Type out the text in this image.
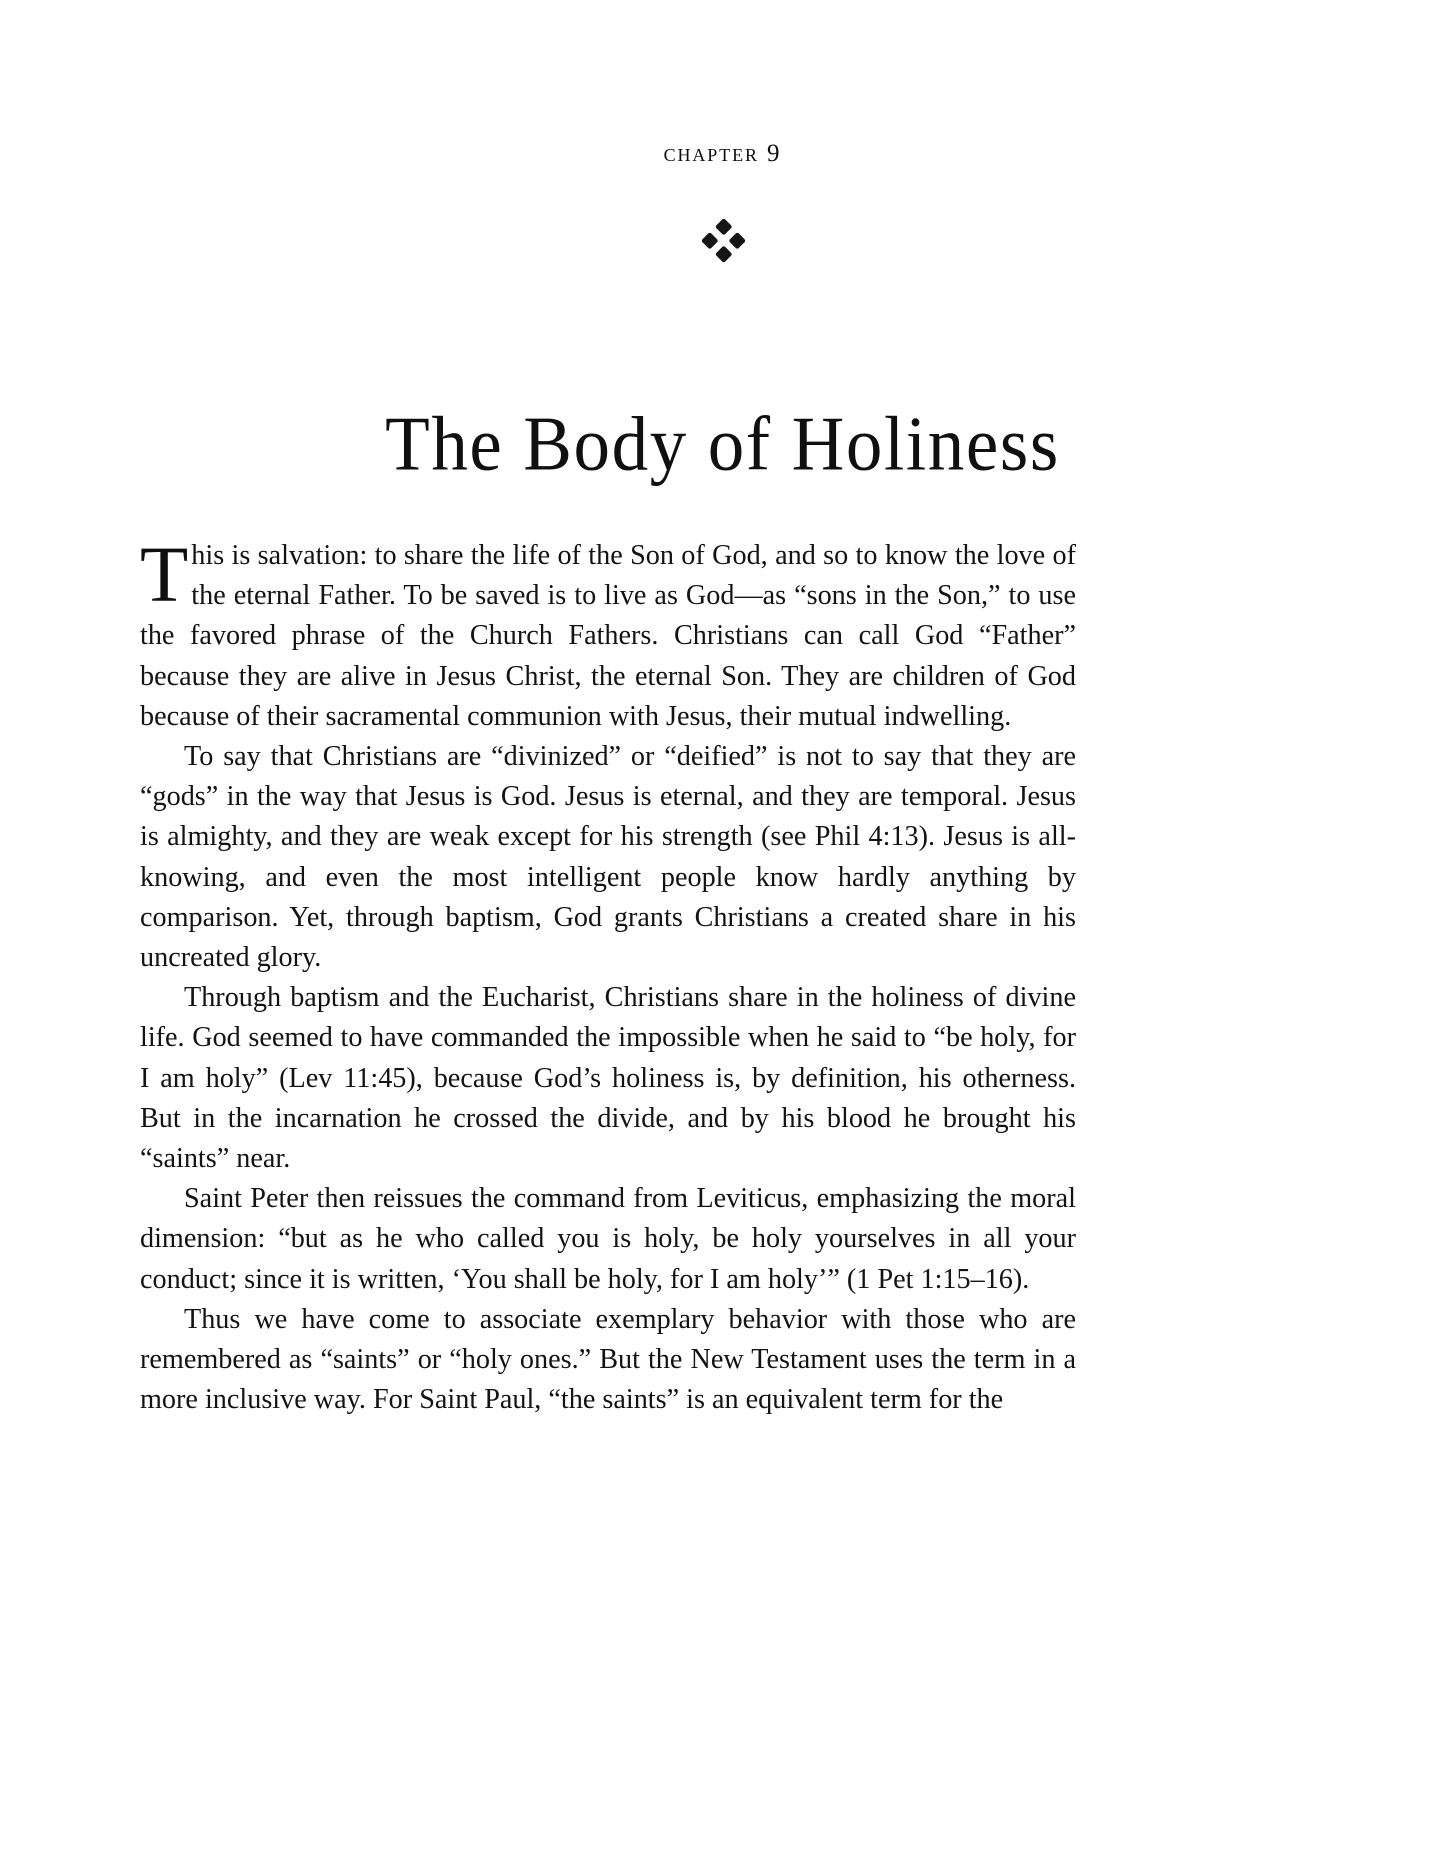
chapter 9
The Body of Holiness

This is salvation: to share the life of the Son of God, and so to know the love of the eternal Father. To be saved is to live as God—as “sons in the Son,” to use the favored phrase of the Church Fathers. Christians can call God “Father” because they are alive in Jesus Christ, the eternal Son. They are children of God because of their sacramental communion with Jesus, their mutual indwelling.

To say that Christians are “divinized” or “deified” is not to say that they are “gods” in the way that Jesus is God. Jesus is eternal, and they are temporal. Jesus is almighty, and they are weak except for his strength (see Phil 4:13). Jesus is all-knowing, and even the most intelligent people know hardly anything by comparison. Yet, through baptism, God grants Christians a created share in his uncreated glory.

Through baptism and the Eucharist, Christians share in the holiness of divine life. God seemed to have commanded the impossible when he said to “be holy, for I am holy” (Lev 11:45), because God’s holiness is, by definition, his otherness. But in the incarnation he crossed the divide, and by his blood he brought his “saints” near.

Saint Peter then reissues the command from Leviticus, emphasizing the moral dimension: “but as he who called you is holy, be holy yourselves in all your conduct; since it is written, ‘You shall be holy, for I am holy’” (1 Pet 1:15–16).

Thus we have come to associate exemplary behavior with those who are remembered as “saints” or “holy ones.” But the New Testament uses the term in a more inclusive way. For Saint Paul, “the saints” is an equivalent term for the
